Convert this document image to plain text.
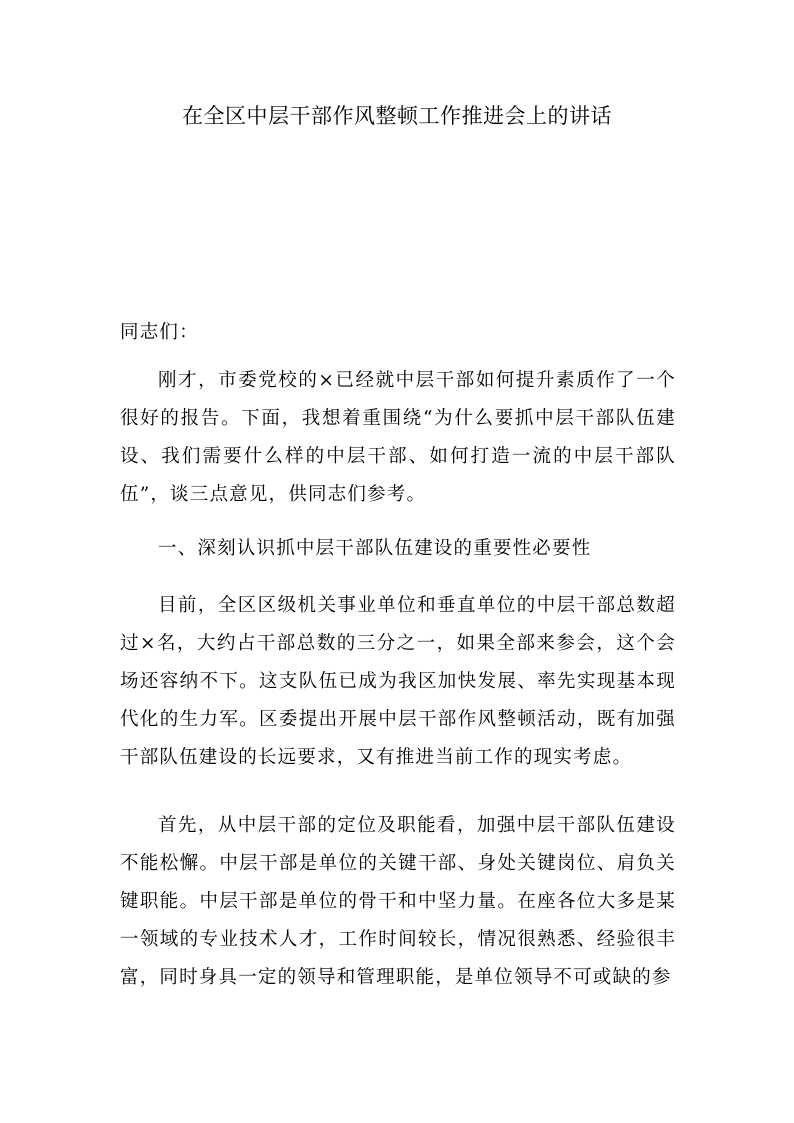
在全区中层干部作风整顿工作推进会上的讲话

同志们：

刚才，市委党校的×已经就中层干部如何提升素质作了一个很好的报告。下面，我想着重围绕“为什么要抓中层干部队伍建设、我们需要什么样的中层干部、如何打造一流的中层干部队伍”，谈三点意见，供同志们参考。

一、深刻认识抓中层干部队伍建设的重要性必要性

目前，全区区级机关事业单位和垂直单位的中层干部总数超过×名，大约占干部总数的三分之一，如果全部来参会，这个会场还容纳不下。这支队伍已成为我区加快发展、率先实现基本现代化的生力军。区委提出开展中层干部作风整顿活动，既有加强干部队伍建设的长远要求，又有推进当前工作的现实考虑。

首先，从中层干部的定位及职能看，加强中层干部队伍建设不能松懈。中层干部是单位的关键干部、身处关键岗位、肩负关键职能。中层干部是单位的骨干和中坚力量。在座各位大多是某一领域的专业技术人才，工作时间较长，情况很熟悉、经验很丰富，同时身具一定的领导和管理职能，是单位领导不可或缺的参
